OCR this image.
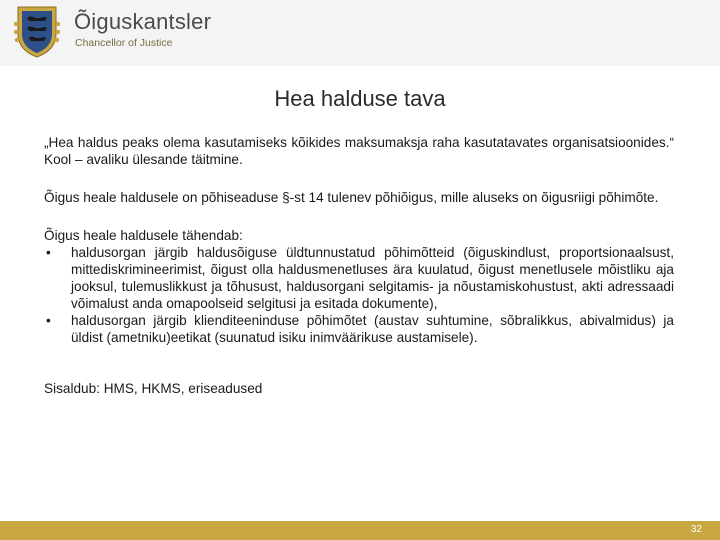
Õiguskantsler
Chancellor of Justice
Hea halduse tava

„Hea haldus peaks olema kasutamiseks kõikides maksumaksja raha kasutatavates organisatsioonides.“ Kool – avaliku ülesande täitmine.

Õigus heale haldusele on põhiseaduse §-st 14 tulenev põhiõigus, mille aluseks on õigusriigi põhimõte.

Õigus heale haldusele tähendab:

• haldusorgan järgib haldusõiguse üldtunnustatud põhimõtteid (õiguskindlust, proportsionaalsust, mittediskrimineerimist, õigust olla haldusmenetluses ära kuulatud, õigust menetlusele mõistliku aja jooksul, tulemuslikkust ja tõhusust, haldusorgani selgitamis- ja nõustamiskohustust, akti adressaadi võimalust anda omapoolseid selgitusi ja esitada dokumente),
• haldusorgan järgib klienditeeninduse põhimõtet (austav suhtumine, sõbralikkus, abivalmidus) ja üldist (ametniku)eetikat (suunatud isiku inimväärikuse austamisele).

Sisaldub: HMS, HKMS, eriseadused

32
